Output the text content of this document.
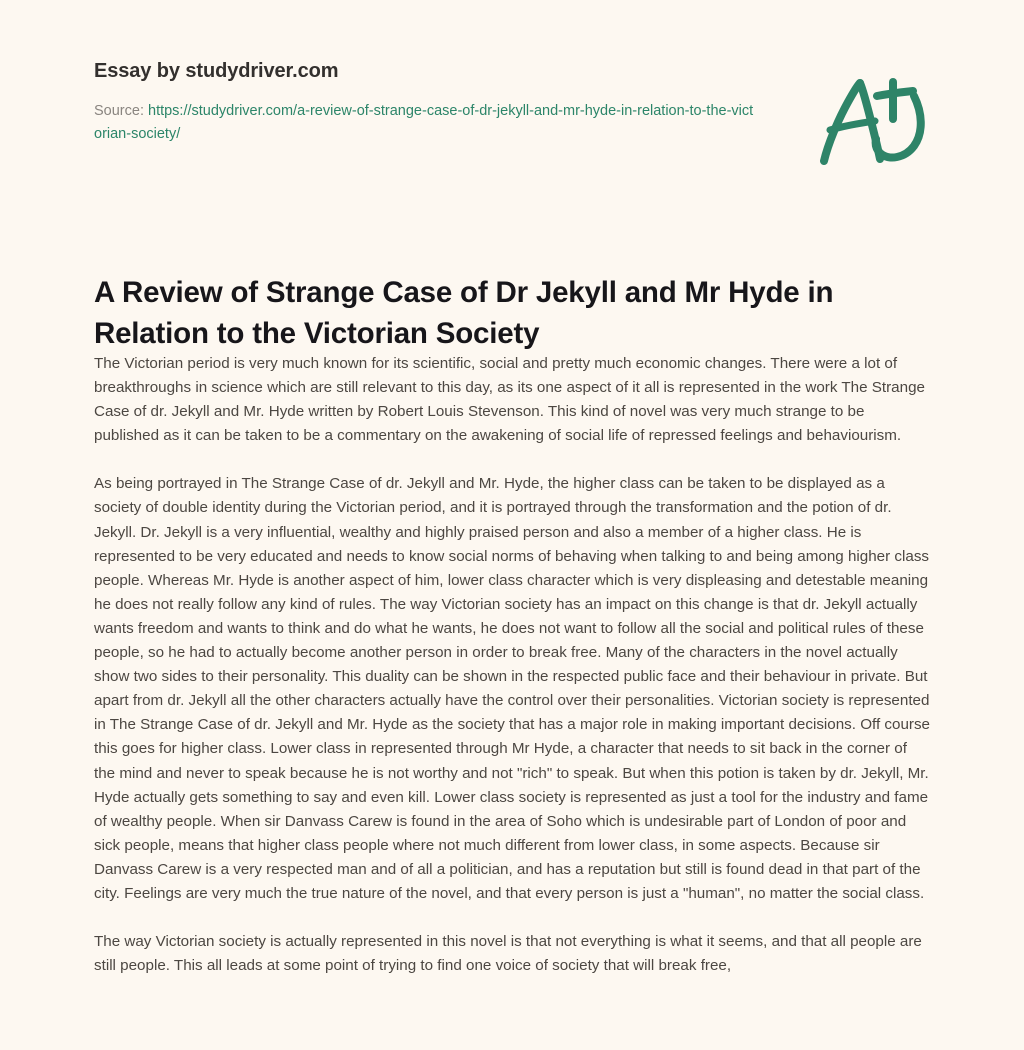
Essay by studydriver.com
Source: https://studydriver.com/a-review-of-strange-case-of-dr-jekyll-and-mr-hyde-in-relation-to-the-victorian-society/
A Review of Strange Case of Dr Jekyll and Mr Hyde in Relation to the Victorian Society

The Victorian period is very much known for its scientific, social and pretty much economic changes. There were a lot of breakthroughs in science which are still relevant to this day, as its one aspect of it all is represented in the work The Strange Case of dr. Jekyll and Mr. Hyde written by Robert Louis Stevenson. This kind of novel was very much strange to be published as it can be taken to be a commentary on the awakening of social life of repressed feelings and behaviourism.

As being portrayed in The Strange Case of dr. Jekyll and Mr. Hyde, the higher class can be taken to be displayed as a society of double identity during the Victorian period, and it is portrayed through the transformation and the potion of dr. Jekyll. Dr. Jekyll is a very influential, wealthy and highly praised person and also a member of a higher class. He is represented to be very educated and needs to know social norms of behaving when talking to and being among higher class people. Whereas Mr. Hyde is another aspect of him, lower class character which is very displeasing and detestable meaning he does not really follow any kind of rules. The way Victorian society has an impact on this change is that dr. Jekyll actually wants freedom and wants to think and do what he wants, he does not want to follow all the social and political rules of these people, so he had to actually become another person in order to break free. Many of the characters in the novel actually show two sides to their personality. This duality can be shown in the respected public face and their behaviour in private. But apart from dr. Jekyll all the other characters actually have the control over their personalities. Victorian society is represented in The Strange Case of dr. Jekyll and Mr. Hyde as the society that has a major role in making important decisions. Off course this goes for higher class. Lower class in represented through Mr Hyde, a character that needs to sit back in the corner of the mind and never to speak because he is not worthy and not "rich" to speak. But when this potion is taken by dr. Jekyll, Mr. Hyde actually gets something to say and even kill. Lower class society is represented as just a tool for the industry and fame of wealthy people. When sir Danvass Carew is found in the area of Soho which is undesirable part of London of poor and sick people, means that higher class people where not much different from lower class, in some aspects. Because sir Danvass Carew is a very respected man and of all a politician, and has a reputation but still is found dead in that part of the city. Feelings are very much the true nature of the novel, and that every person is just a "human", no matter the social class.

The way Victorian society is actually represented in this novel is that not everything is what it seems, and that all people are still people. This all leads at some point of trying to find one voice of society that will break free,
